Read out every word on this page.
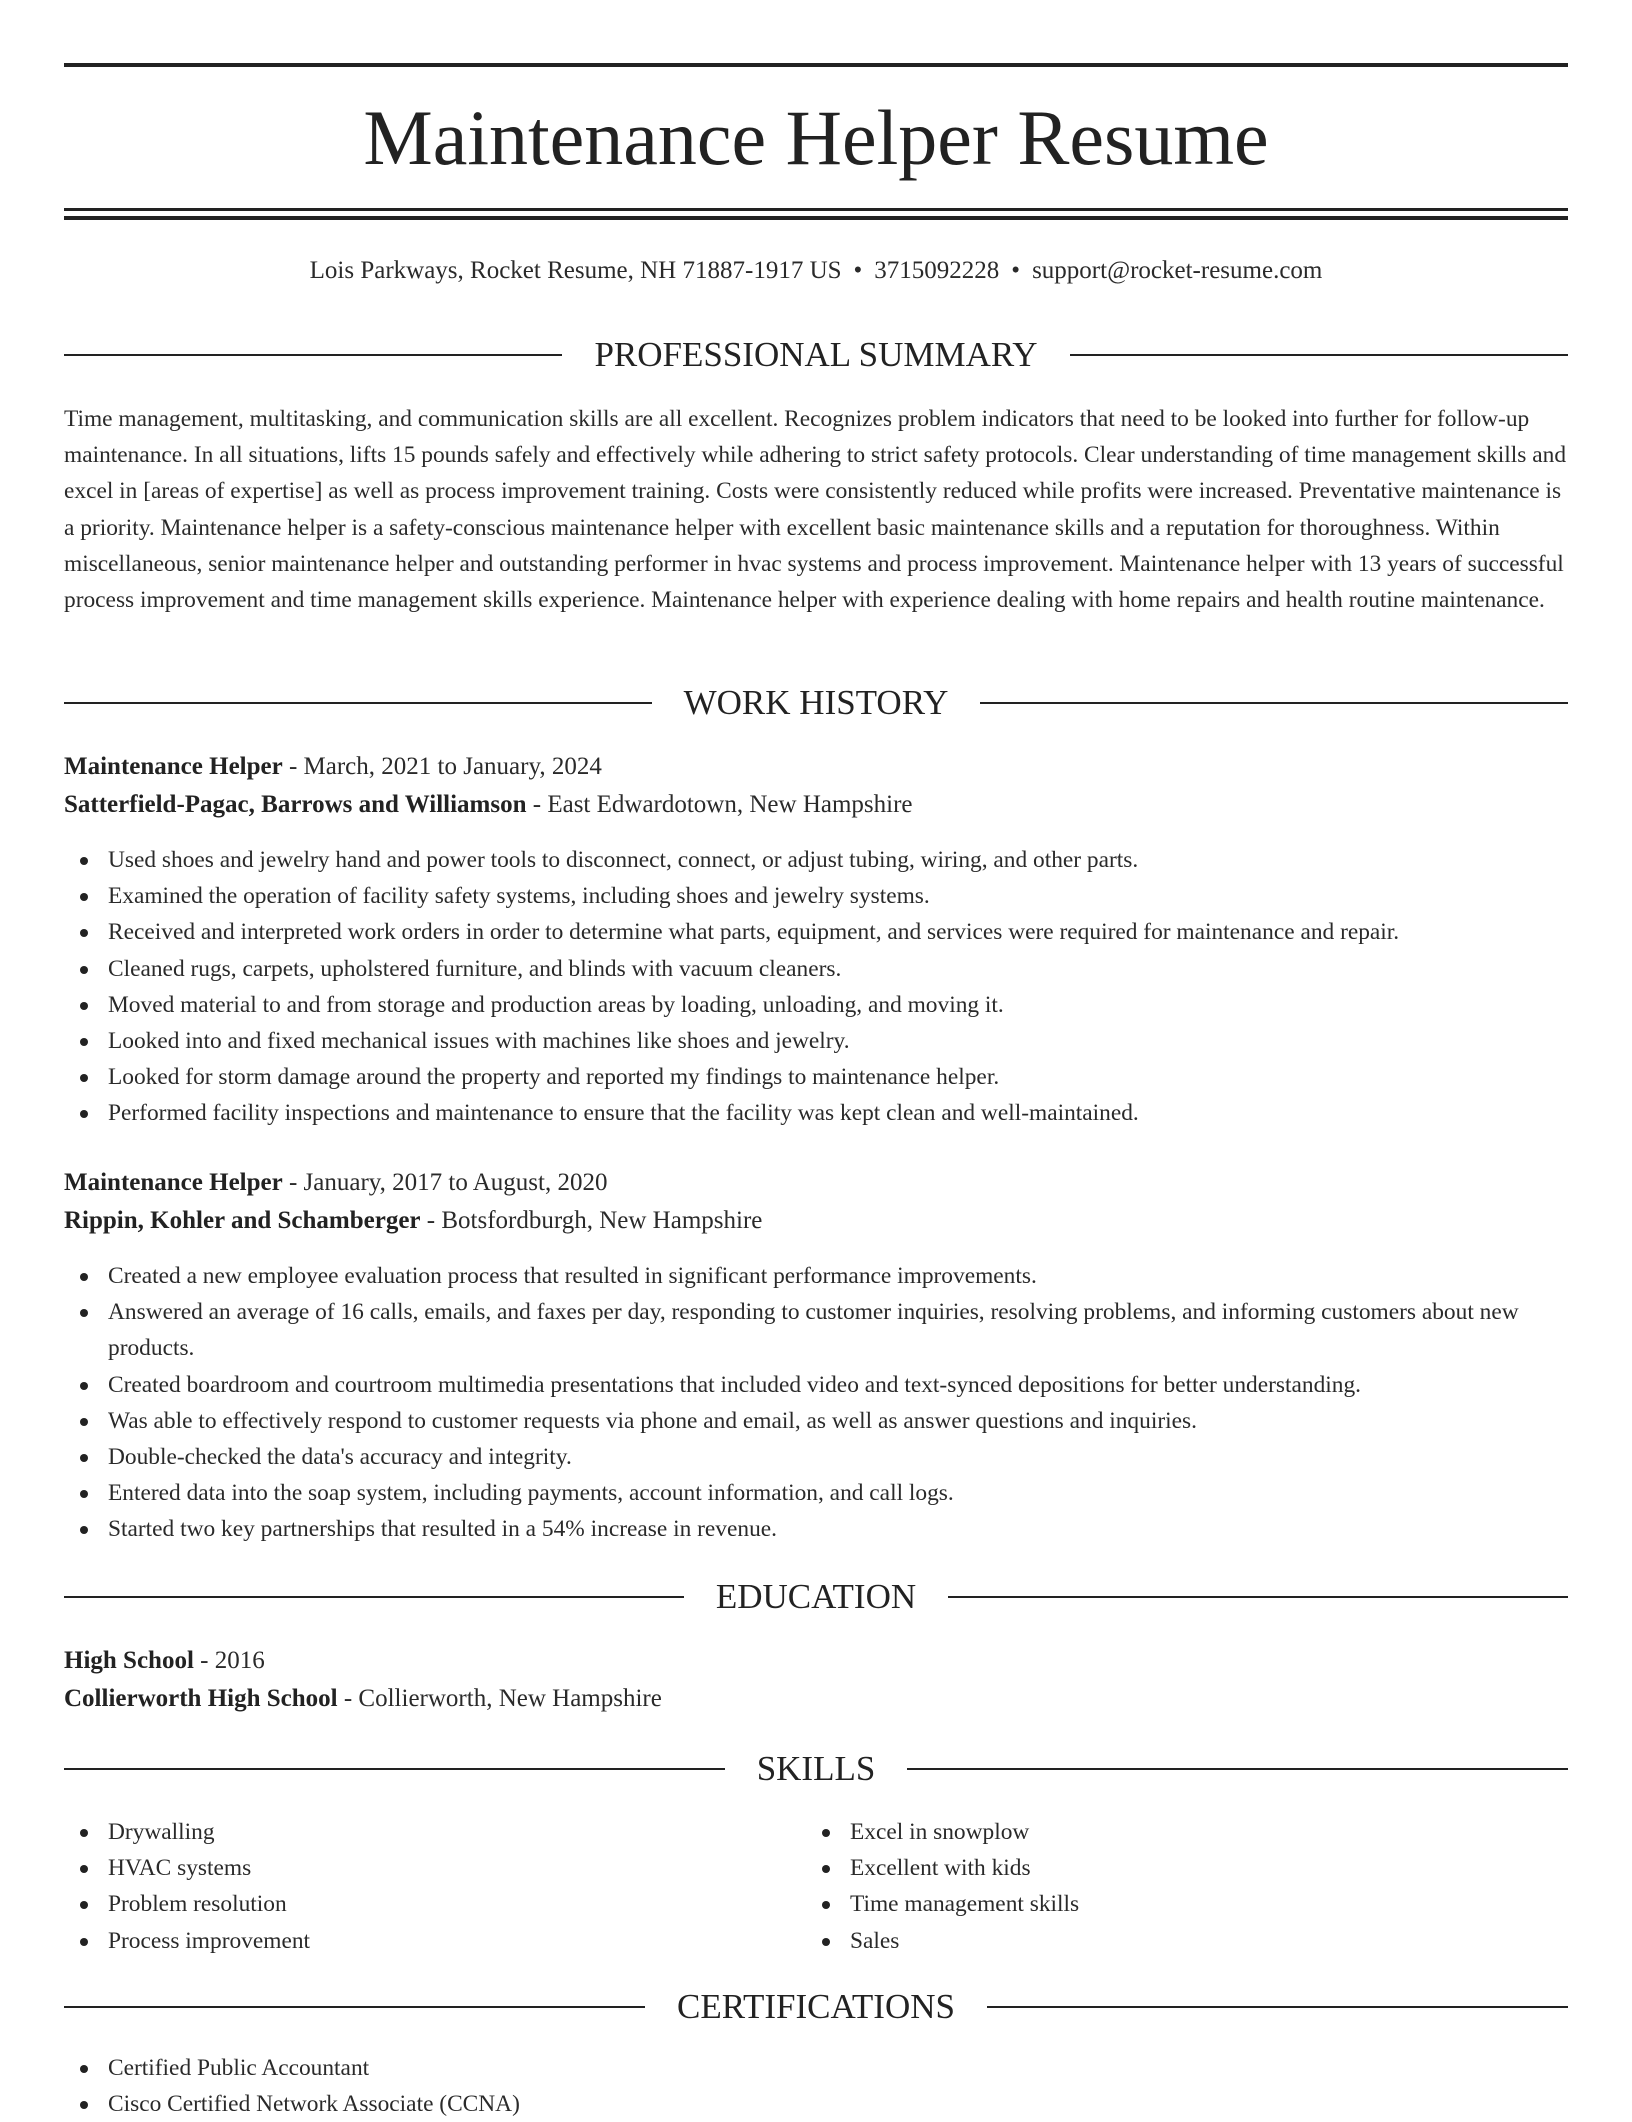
Maintenance Helper Resume
Lois Parkways, Rocket Resume, NH 71887-1917 US • 3715092228 • support@rocket-resume.com
PROFESSIONAL SUMMARY

Time management, multitasking, and communication skills are all excellent. Recognizes problem indicators that need to be looked into further for follow-up maintenance. In all situations, lifts 15 pounds safely and effectively while adhering to strict safety protocols. Clear understanding of time management skills and excel in [areas of expertise] as well as process improvement training. Costs were consistently reduced while profits were increased. Preventative maintenance is a priority. Maintenance helper is a safety-conscious maintenance helper with excellent basic maintenance skills and a reputation for thoroughness. Within miscellaneous, senior maintenance helper and outstanding performer in hvac systems and process improvement. Maintenance helper with 13 years of successful process improvement and time management skills experience. Maintenance helper with experience dealing with home repairs and health routine maintenance.

WORK HISTORY
Maintenance Helper - March, 2021 to January, 2024
Satterfield-Pagac, Barrows and Williamson - East Edwardotown, New Hampshire
Used shoes and jewelry hand and power tools to disconnect, connect, or adjust tubing, wiring, and other parts.
Examined the operation of facility safety systems, including shoes and jewelry systems.
Received and interpreted work orders in order to determine what parts, equipment, and services were required for maintenance and repair.
Cleaned rugs, carpets, upholstered furniture, and blinds with vacuum cleaners.
Moved material to and from storage and production areas by loading, unloading, and moving it.
Looked into and fixed mechanical issues with machines like shoes and jewelry.
Looked for storm damage around the property and reported my findings to maintenance helper.
Performed facility inspections and maintenance to ensure that the facility was kept clean and well-maintained.
Maintenance Helper - January, 2017 to August, 2020
Rippin, Kohler and Schamberger - Botsfordburgh, New Hampshire
Created a new employee evaluation process that resulted in significant performance improvements.
Answered an average of 16 calls, emails, and faxes per day, responding to customer inquiries, resolving problems, and informing customers about new products.
Created boardroom and courtroom multimedia presentations that included video and text-synced depositions for better understanding.
Was able to effectively respond to customer requests via phone and email, as well as answer questions and inquiries.
Double-checked the data's accuracy and integrity.
Entered data into the soap system, including payments, account information, and call logs.
Started two key partnerships that resulted in a 54% increase in revenue.
EDUCATION
High School - 2016
Collierworth High School - Collierworth, New Hampshire
SKILLS
Drywalling
HVAC systems
Problem resolution
Process improvement
Excel in snowplow
Excellent with kids
Time management skills
Sales
CERTIFICATIONS
Certified Public Accountant
Cisco Certified Network Associate (CCNA)
